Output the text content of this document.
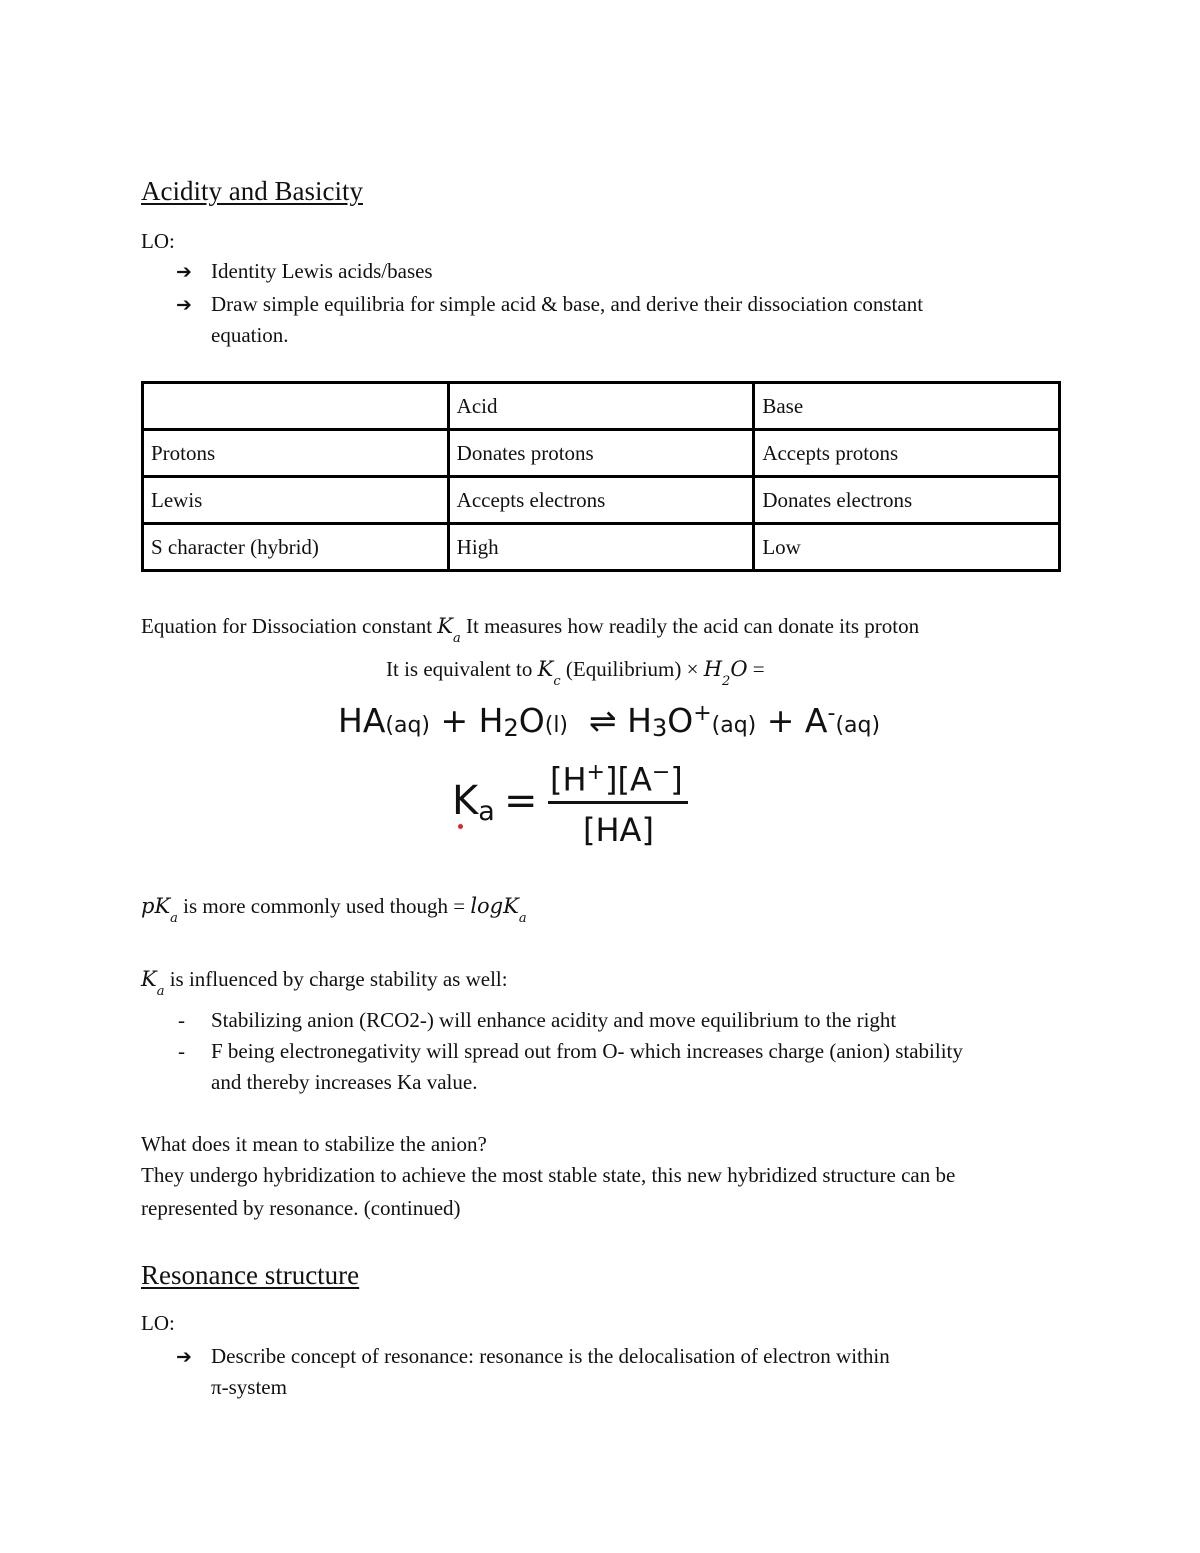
Acidity and Basicity
LO:
➔ Identity Lewis acids/bases
➔ Draw simple equilibria for simple acid & base, and derive their dissociation constant
equation.
	Acid	Base
Protons	Donates protons	Accepts protons
Lewis	Accepts electrons	Donates electrons
S character (hybrid)	High	Low
Equation for Dissociation constant $K_a$ It measures how readily the acid can donate its proton
It is equivalent to $K_c$ (Equilibrium) × $H_2O$ =
HA(aq) + H2O(l)  ⇌ H3O+(aq) + A-(aq)
Ka = [H+][A−]
[HA]
$pK_a$ is more commonly used though = logK$_a$
$K_a$ is influenced by charge stability as well:
- Stabilizing anion (RCO2-) will enhance acidity and move equilibrium to the right
- F being electronegativity will spread out from O- which increases charge (anion) stability
and thereby increases Ka value.
What does it mean to stabilize the anion?
They undergo hybridization to achieve the most stable state, this new hybridized structure can be
represented by resonance. (continued)
Resonance structure
LO:
➔ Describe concept of resonance: resonance is the delocalisation of electron within
π-system
